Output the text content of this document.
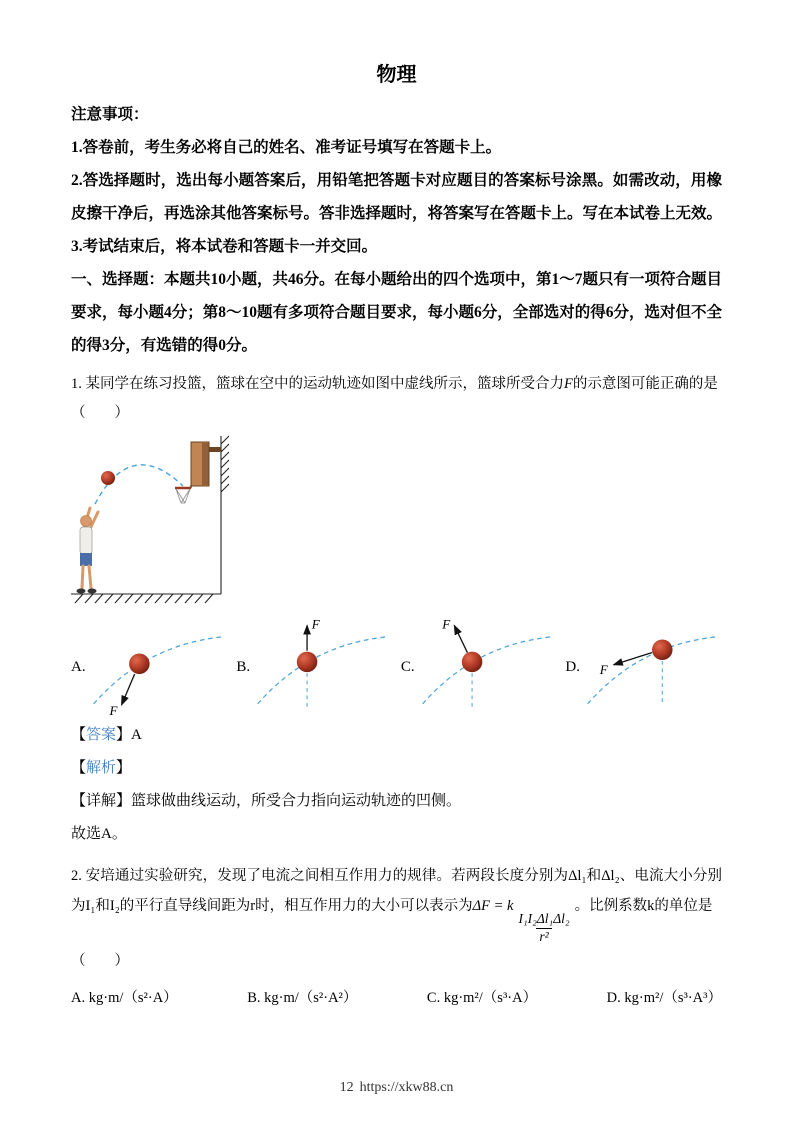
物理

注意事项：

1.答卷前，考生务必将自己的姓名、准考证号填写在答题卡上。

2.答选择题时，选出每小题答案后，用铅笔把答题卡对应题目的答案标号涂黑。如需改动，用橡皮擦干净后，再选涂其他答案标号。答非选择题时，将答案写在答题卡上。写在本试卷上无效。

3.考试结束后，将本试卷和答题卡一并交回。

一、选择题：本题共10小题，共46分。在每小题给出的四个选项中，第1～7题只有一项符合题目要求，每小题4分；第8～10题有多项符合题目要求，每小题6分，全部选对的得6分，选对但不全的得3分，有选错的得0分。

1. 某同学在练习投篮，篮球在空中的运动轨迹如图中虚线所示，篮球所受合力F的示意图可能正确的是

（　　）

A.
F
B.
F
C.
F
D. F

【答案】A

【解析】

【详解】篮球做曲线运动，所受合力指向运动轨迹的凹侧。

故选A。

2. 安培通过实验研究，发现了电流之间相互作用力的规律。若两段长度分别为Δl₁和Δl₂、电流大小分别为I₁和I₂的平行直导线间距为r时，相互作用力的大小可以表示为ΔF = k
$\frac{\text{I₁I₂Δl₁Δl₂}}{\text{r²}}$
。比例系数k的单位是

（　　）

A. kg·m/（s²·A）	B. kg·m/（s²·A²）	C. kg·m²/（s³·A）	D. kg·m²/（s³·A³）
12 https://xkw88.cn
